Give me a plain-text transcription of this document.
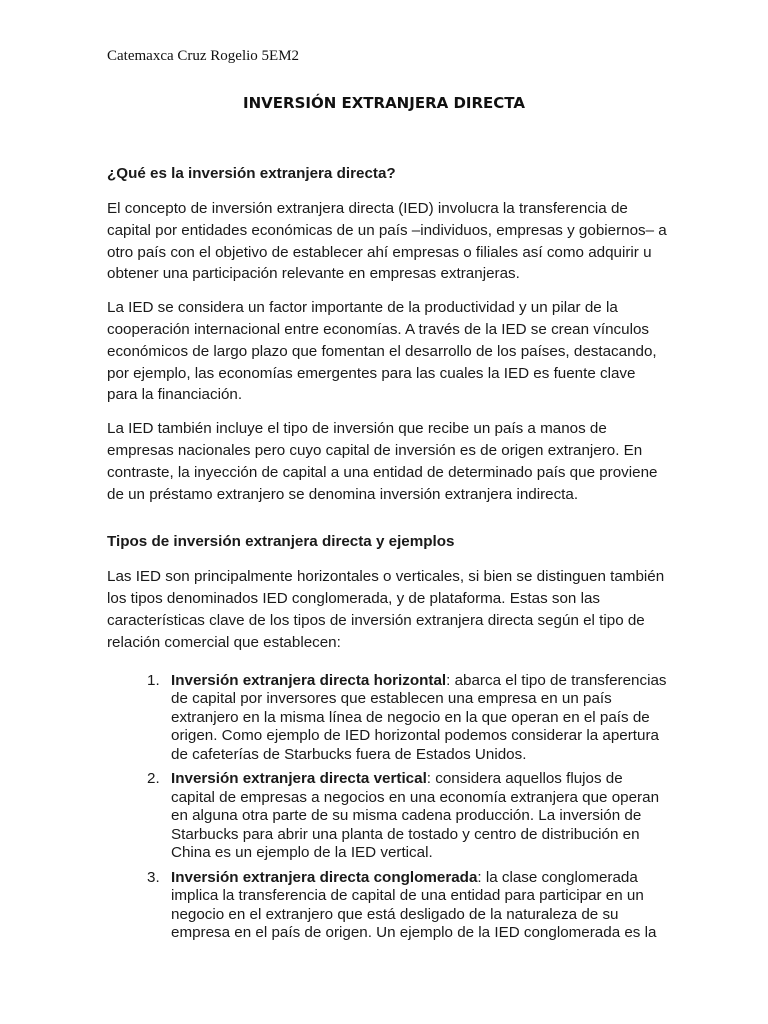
Catemaxca Cruz Rogelio 5EM2
INVERSIÓN EXTRANJERA DIRECTA

¿Qué es la inversión extranjera directa?

El concepto de inversión extranjera directa (IED) involucra la transferencia de capital por entidades económicas de un país –individuos, empresas y gobiernos– a otro país con el objetivo de establecer ahí empresas o filiales así como adquirir u obtener una participación relevante en empresas extranjeras.

La IED se considera un factor importante de la productividad y un pilar de la cooperación internacional entre economías. A través de la IED se crean vínculos económicos de largo plazo que fomentan el desarrollo de los países, destacando, por ejemplo, las economías emergentes para las cuales la IED es fuente clave para la financiación.

La IED también incluye el tipo de inversión que recibe un país a manos de empresas nacionales pero cuyo capital de inversión es de origen extranjero. En contraste, la inyección de capital a una entidad de determinado país que proviene de un préstamo extranjero se denomina inversión extranjera indirecta.

Tipos de inversión extranjera directa y ejemplos

Las IED son principalmente horizontales o verticales, si bien se distinguen también los tipos denominados IED conglomerada, y de plataforma. Estas son las características clave de los tipos de inversión extranjera directa según el tipo de relación comercial que establecen:

1. Inversión extranjera directa horizontal: abarca el tipo de transferencias de capital por inversores que establecen una empresa en un país extranjero en la misma línea de negocio en la que operan en el país de origen. Como ejemplo de IED horizontal podemos considerar la apertura de cafeterías de Starbucks fuera de Estados Unidos.
2. Inversión extranjera directa vertical: considera aquellos flujos de capital de empresas a negocios en una economía extranjera que operan en alguna otra parte de su misma cadena producción. La inversión de Starbucks para abrir una planta de tostado y centro de distribución en China es un ejemplo de la IED vertical.
3. Inversión extranjera directa conglomerada: la clase conglomerada implica la transferencia de capital de una entidad para participar en un negocio en el extranjero que está desligado de la naturaleza de su empresa en el país de origen. Un ejemplo de la IED conglomerada es la
